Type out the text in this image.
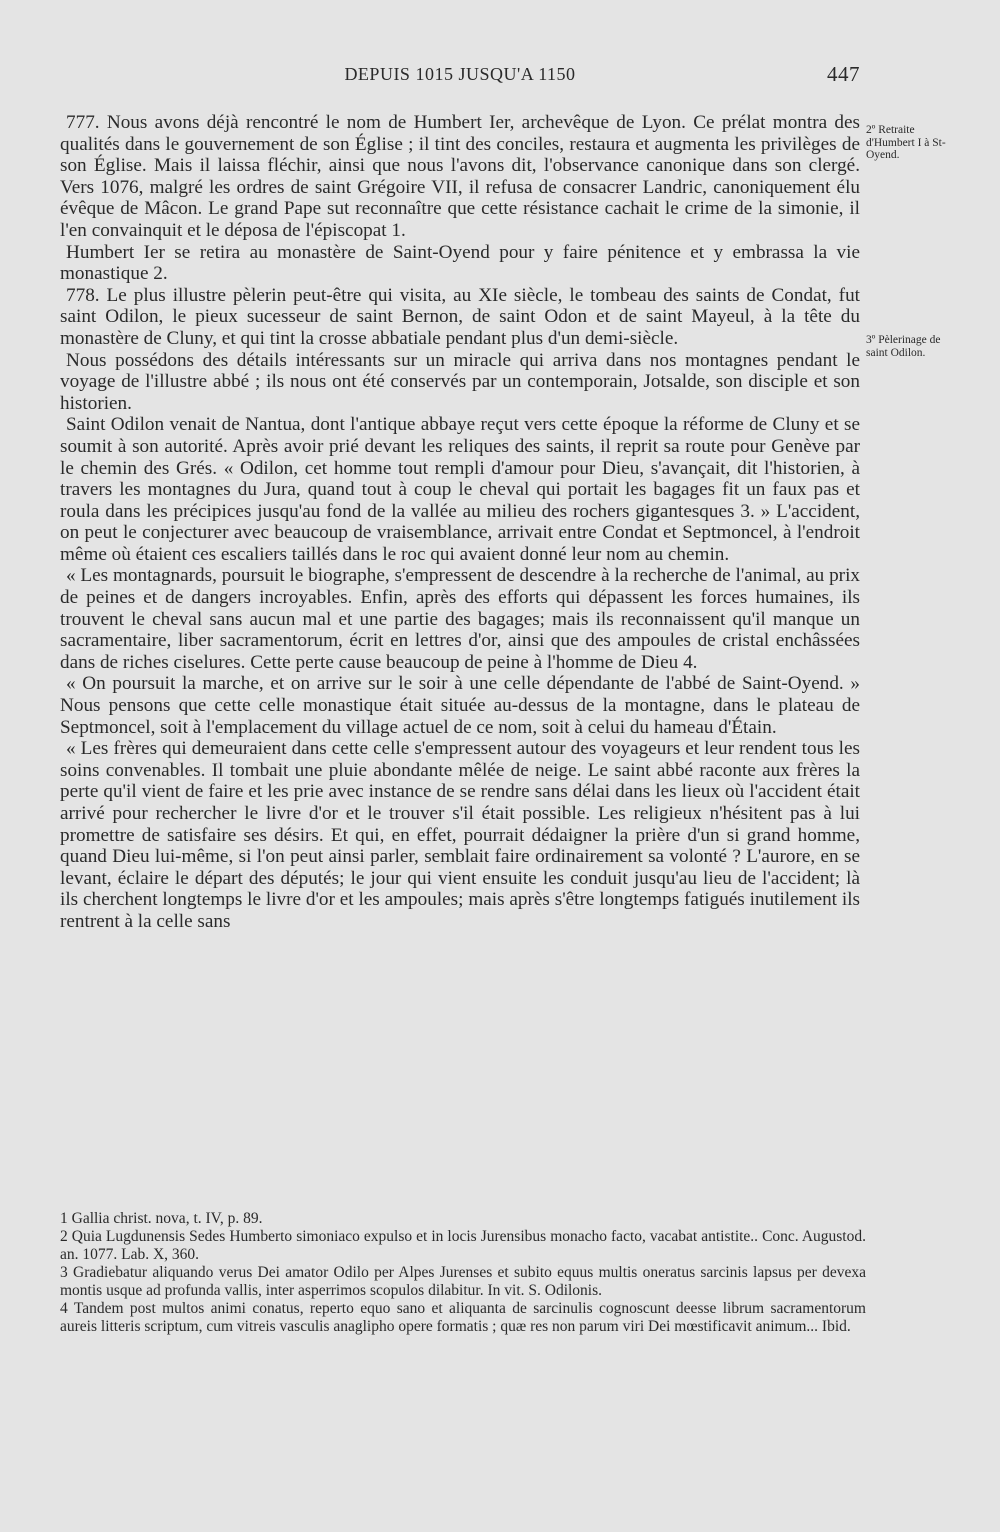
DEPUIS 1015 JUSQU'A 1150	447
2º Retraite d'Humbert I à St-Oyend.
3º Pèlerinage de saint Odilon.

777. Nous avons déjà rencontré le nom de Humbert Ier, archevêque de Lyon. Ce prélat montra des qualités dans le gouvernement de son Église ; il tint des conciles, restaura et augmenta les privilèges de son Église. Mais il laissa fléchir, ainsi que nous l'avons dit, l'observance canonique dans son clergé. Vers 1076, malgré les ordres de saint Grégoire VII, il refusa de consacrer Landric, canoniquement élu évêque de Mâcon. Le grand Pape sut reconnaître que cette résistance cachait le crime de la simonie, il l'en convainquit et le déposa de l'épiscopat 1.

Humbert Ier se retira au monastère de Saint-Oyend pour y faire pénitence et y embrassa la vie monastique 2.

778. Le plus illustre pèlerin peut-être qui visita, au XIe siècle, le tombeau des saints de Condat, fut saint Odilon, le pieux sucesseur de saint Bernon, de saint Odon et de saint Mayeul, à la tête du monastère de Cluny, et qui tint la crosse abbatiale pendant plus d'un demi-siècle.

Nous possédons des détails intéressants sur un miracle qui arriva dans nos montagnes pendant le voyage de l'illustre abbé ; ils nous ont été conservés par un contemporain, Jotsalde, son disciple et son historien.

Saint Odilon venait de Nantua, dont l'antique abbaye reçut vers cette époque la réforme de Cluny et se soumit à son autorité. Après avoir prié devant les reliques des saints, il reprit sa route pour Genève par le chemin des Grés. « Odilon, cet homme tout rempli d'amour pour Dieu, s'avançait, dit l'historien, à travers les montagnes du Jura, quand tout à coup le cheval qui portait les bagages fit un faux pas et roula dans les précipices jusqu'au fond de la vallée au milieu des rochers gigantesques 3. » L'accident, on peut le conjecturer avec beaucoup de vraisemblance, arrivait entre Condat et Septmoncel, à l'endroit même où étaient ces escaliers taillés dans le roc qui avaient donné leur nom au chemin.

« Les montagnards, poursuit le biographe, s'empressent de descendre à la recherche de l'animal, au prix de peines et de dangers incroyables. Enfin, après des efforts qui dépassent les forces humaines, ils trouvent le cheval sans aucun mal et une partie des bagages; mais ils reconnaissent qu'il manque un sacramentaire, liber sacramentorum, écrit en lettres d'or, ainsi que des ampoules de cristal enchâssées dans de riches ciselures. Cette perte cause beaucoup de peine à l'homme de Dieu 4.

« On poursuit la marche, et on arrive sur le soir à une celle dépendante de l'abbé de Saint-Oyend. » Nous pensons que cette celle monastique était située au-dessus de la montagne, dans le plateau de Septmoncel, soit à l'emplacement du village actuel de ce nom, soit à celui du hameau d'Étain.

« Les frères qui demeuraient dans cette celle s'empressent autour des voyageurs et leur rendent tous les soins convenables. Il tombait une pluie abondante mêlée de neige. Le saint abbé raconte aux frères la perte qu'il vient de faire et les prie avec instance de se rendre sans délai dans les lieux où l'accident était arrivé pour rechercher le livre d'or et le trouver s'il était possible. Les religieux n'hésitent pas à lui promettre de satisfaire ses désirs. Et qui, en effet, pourrait dédaigner la prière d'un si grand homme, quand Dieu lui-même, si l'on peut ainsi parler, semblait faire ordinairement sa volonté ? L'aurore, en se levant, éclaire le départ des députés; le jour qui vient ensuite les conduit jusqu'au lieu de l'accident; là ils cherchent longtemps le livre d'or et les ampoules; mais après s'être longtemps fatigués inutilement ils rentrent à la celle sans

1 Gallia christ. nova, t. IV, p. 89.

2 Quia Lugdunensis Sedes Humberto simoniaco expulso et in locis Jurensibus monacho facto, vacabat antistite.. Conc. Augustod. an. 1077. Lab. X, 360.

3 Gradiebatur aliquando verus Dei amator Odilo per Alpes Jurenses et subito equus multis oneratus sarcinis lapsus per devexa montis usque ad profunda vallis, inter asperrimos scopulos dilabitur. In vit. S. Odilonis.

4 Tandem post multos animi conatus, reperto equo sano et aliquanta de sarcinulis cognoscunt deesse librum sacramentorum aureis litteris scriptum, cum vitreis vasculis anaglipho opere formatis ; quæ res non parum viri Dei mœstificavit animum... Ibid.
